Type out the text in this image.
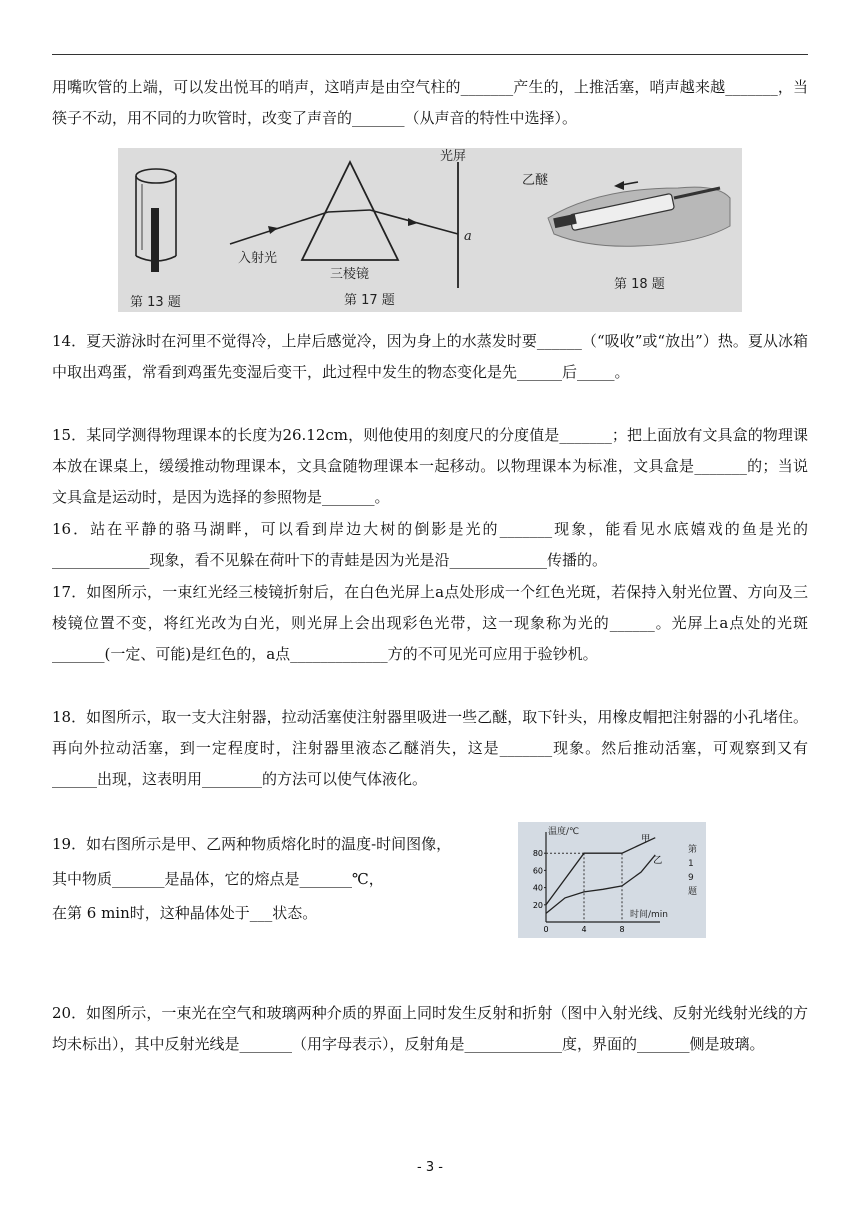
用嘴吹管的上端，可以发出悦耳的哨声，这哨声是由空气柱的_______产生的，上推活塞，哨声越来越_______，当筷子不动，用不同的力吹管时，改变了声音的_______（从声音的特性中选择）。
第 13 题
光屏
a
入射光
三棱镜
第 17 题
乙醚
第 18 题
14．夏天游泳时在河里不觉得冷，上岸后感觉冷，因为身上的水蒸发时要______（“吸收”或“放出”）热。夏从冰箱中取出鸡蛋，常看到鸡蛋先变湿后变干，此过程中发生的物态变化是先______后_____。
15．某同学测得物理课本的长度为26.12cm，则他使用的刻度尺的分度值是_______；把上面放有文具盒的物理课本放在课桌上，缓缓推动物理课本，文具盒随物理课本一起移动。以物理课本为标准，文具盒是_______的；当说文具盒是运动时，是因为选择的参照物是_______。
16．站在平静的骆马湖畔，可以看到岸边大树的倒影是光的_______现象，能看见水底嬉戏的鱼是光的_____________现象，看不见躲在荷叶下的青蛙是因为光是沿_____________传播的。
17．如图所示，一束红光经三棱镜折射后，在白色光屏上a点处形成一个红色光斑，若保持入射光位置、方向及三棱镜位置不变，将红光改为白光，则光屏上会出现彩色光带，这一现象称为光的______。光屏上a点处的光斑_______(一定、可能)是红色的，a点_____________方的不可见光可应用于验钞机。
18．如图所示，取一支大注射器，拉动活塞使注射器里吸进一些乙醚，取下针头，用橡皮帽把注射器的小孔堵住。再向外拉动活塞，到一定程度时，注射器里液态乙醚消失，这是_______现象。然后推动活塞，可观察到又有______出现，这表明用________的方法可以使气体液化。
19．如右图所示是甲、乙两种物质熔化时的温度-时间图像，
其中物质_______是晶体，它的熔点是_______℃，
在第 6 min时，这种晶体处于___状态。
温度/℃
时间/min
第 1 9 题
20
40
60
80
0	4	8
甲
乙
20．如图所示，一束光在空气和玻璃两种介质的界面上同时发生反射和折射（图中入射光线、反射光线射光线的方均未标出），其中反射光线是_______（用字母表示），反射角是_____________度，界面的_______侧是玻璃。
- 3 -
